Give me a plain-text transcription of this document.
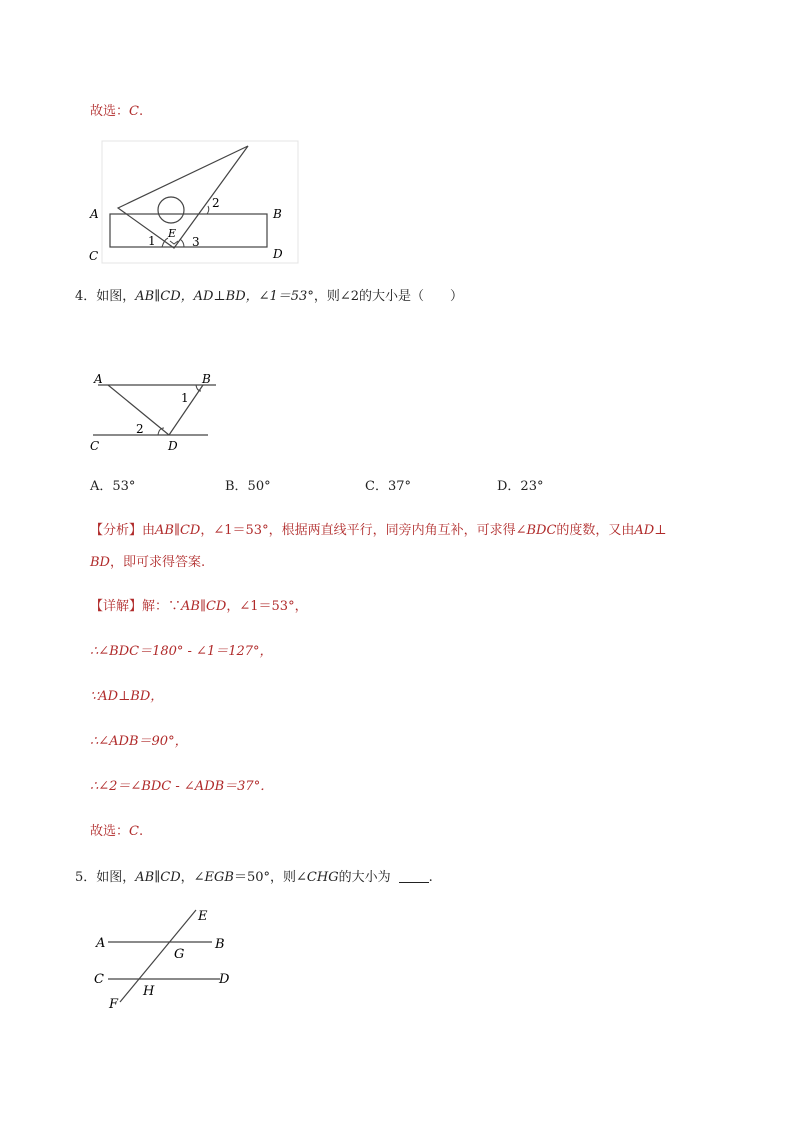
故选：C.
A	B
C	D
E
1
2
3
4．如图，AB∥CD，AD⊥BD，∠1＝53°，则∠2的大小是（　　）
A	B
C	D
1
2
A．53°	B．50°	C．37°	D．23°
【分析】由AB∥CD，∠1＝53°，根据两直线平行，同旁内角互补，可求得∠BDC的度数，又由AD⊥
BD，即可求得答案.
【详解】解：∵AB∥CD，∠1＝53°，
∴∠BDC＝180° - ∠1＝127°，
∵AD⊥BD，
∴∠ADB＝90°，
∴∠2＝∠BDC - ∠ADB＝37°．
故选：C.
5．如图，AB∥CD，∠EGB＝50°，则∠CHG的大小为	.
E
A	B
G
C	D
H
F
